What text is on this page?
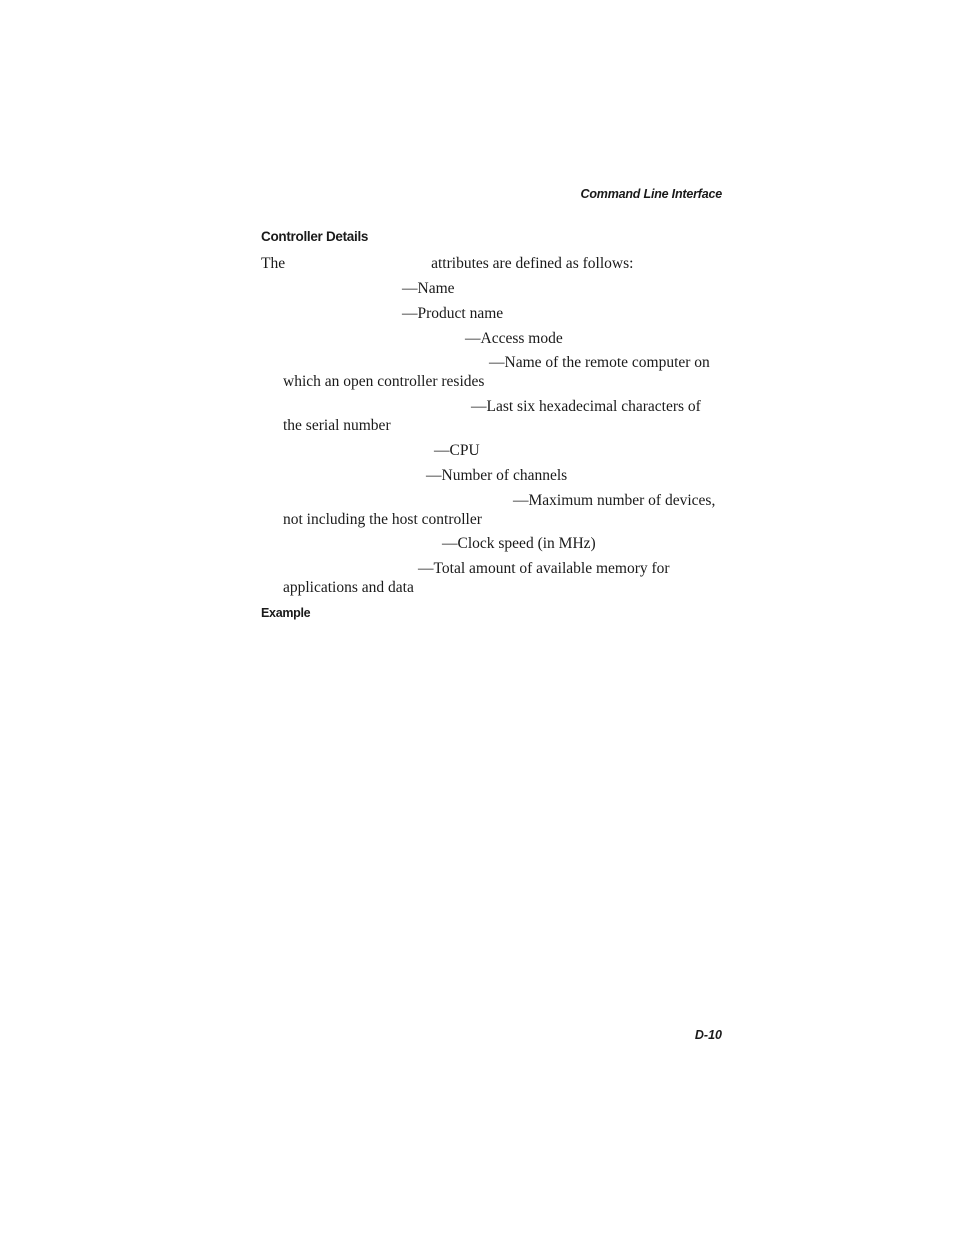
Command Line Interface
Controller Details
The	attributes are defined as follows:
—Name
—Product name
—Access mode
—Name of the remote computer on which an open controller resides
—Last six hexadecimal characters of the serial number
—CPU
—Number of channels
—Maximum number of devices, not including the host controller
—Clock speed (in MHz)
—Total amount of available memory for applications and data
Example
D-10
